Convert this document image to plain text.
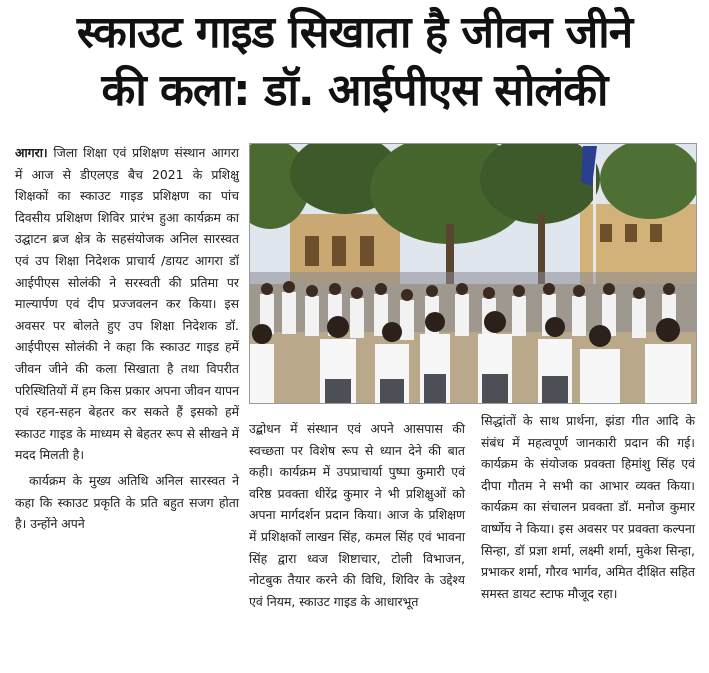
स्काउट गाइड सिखाता है जीवन जीने
की कला: डॉ. आईपीएस सोलंकी

आगरा। जिला शिक्षा एवं प्रशिक्षण संस्थान आगरा में आज से डीएलएड बैच 2021 के प्रशिक्षु शिक्षकों का स्काउट गाइड प्रशिक्षण का पांच दिवसीय प्रशिक्षण शिविर प्रारंभ हुआ कार्यक्रम का उद्घाटन ब्रज क्षेत्र के सहसंयोजक अनिल सारस्वत एवं उप शिक्षा निदेशक प्राचार्य /डायट आगरा डॉ आईपीएस सोलंकी ने सरस्वती की प्रतिमा पर माल्यार्पण एवं दीप प्रज्जवलन कर किया। इस अवसर पर बोलते हुए उप शिक्षा निदेशक डॉ. आईपीएस सोलंकी ने कहा कि स्काउट गाइड हमें जीवन जीने की कला सिखाता है तथा विपरीत परिस्थितियों में हम किस प्रकार अपना जीवन यापन एवं रहन-सहन बेहतर कर सकते हैं इसको हमें स्काउट गाइड के माध्यम से बेहतर रूप से सीखने में मदद मिलती है।

कार्यक्रम के मुख्य अतिथि अनिल सारस्वत ने कहा कि स्काउट प्रकृति के प्रति बहुत सजग होता है। उन्होंने अपने

उद्बोधन में संस्थान एवं अपने आसपास की स्वच्छता पर विशेष रूप से ध्यान देने की बात कही। कार्यक्रम में उपप्राचार्या पुष्पा कुमारी एवं वरिष्ठ प्रवक्ता धीरेंद्र कुमार ने भी प्रशिक्षुओं को अपना मार्गदर्शन प्रदान किया। आज के प्रशिक्षण में प्रशिक्षकों लाखन सिंह, कमल सिंह एवं भावना सिंह द्वारा ध्वज शिष्टाचार, टोली विभाजन, नोटबुक तैयार करने की विधि, शिविर के उद्देश्य एवं नियम, स्काउट गाइड के आधारभूत

सिद्धांतों के साथ प्रार्थना, झंडा गीत आदि के संबंध में महत्वपूर्ण जानकारी प्रदान की गई। कार्यक्रम के संयोजक प्रवक्ता हिमांशु सिंह एवं दीपा गौतम ने सभी का आभार व्यक्त किया। कार्यक्रम का संचालन प्रवक्ता डॉ. मनोज कुमार वार्ष्णेय ने किया। इस अवसर पर प्रवक्ता कल्पना सिन्हा, डॉ प्रज्ञा शर्मा, लक्ष्मी शर्मा, मुकेश सिन्हा, प्रभाकर शर्मा, गौरव भार्गव, अमित दीक्षित सहित समस्त डायट स्टाफ मौजूद रहा।
